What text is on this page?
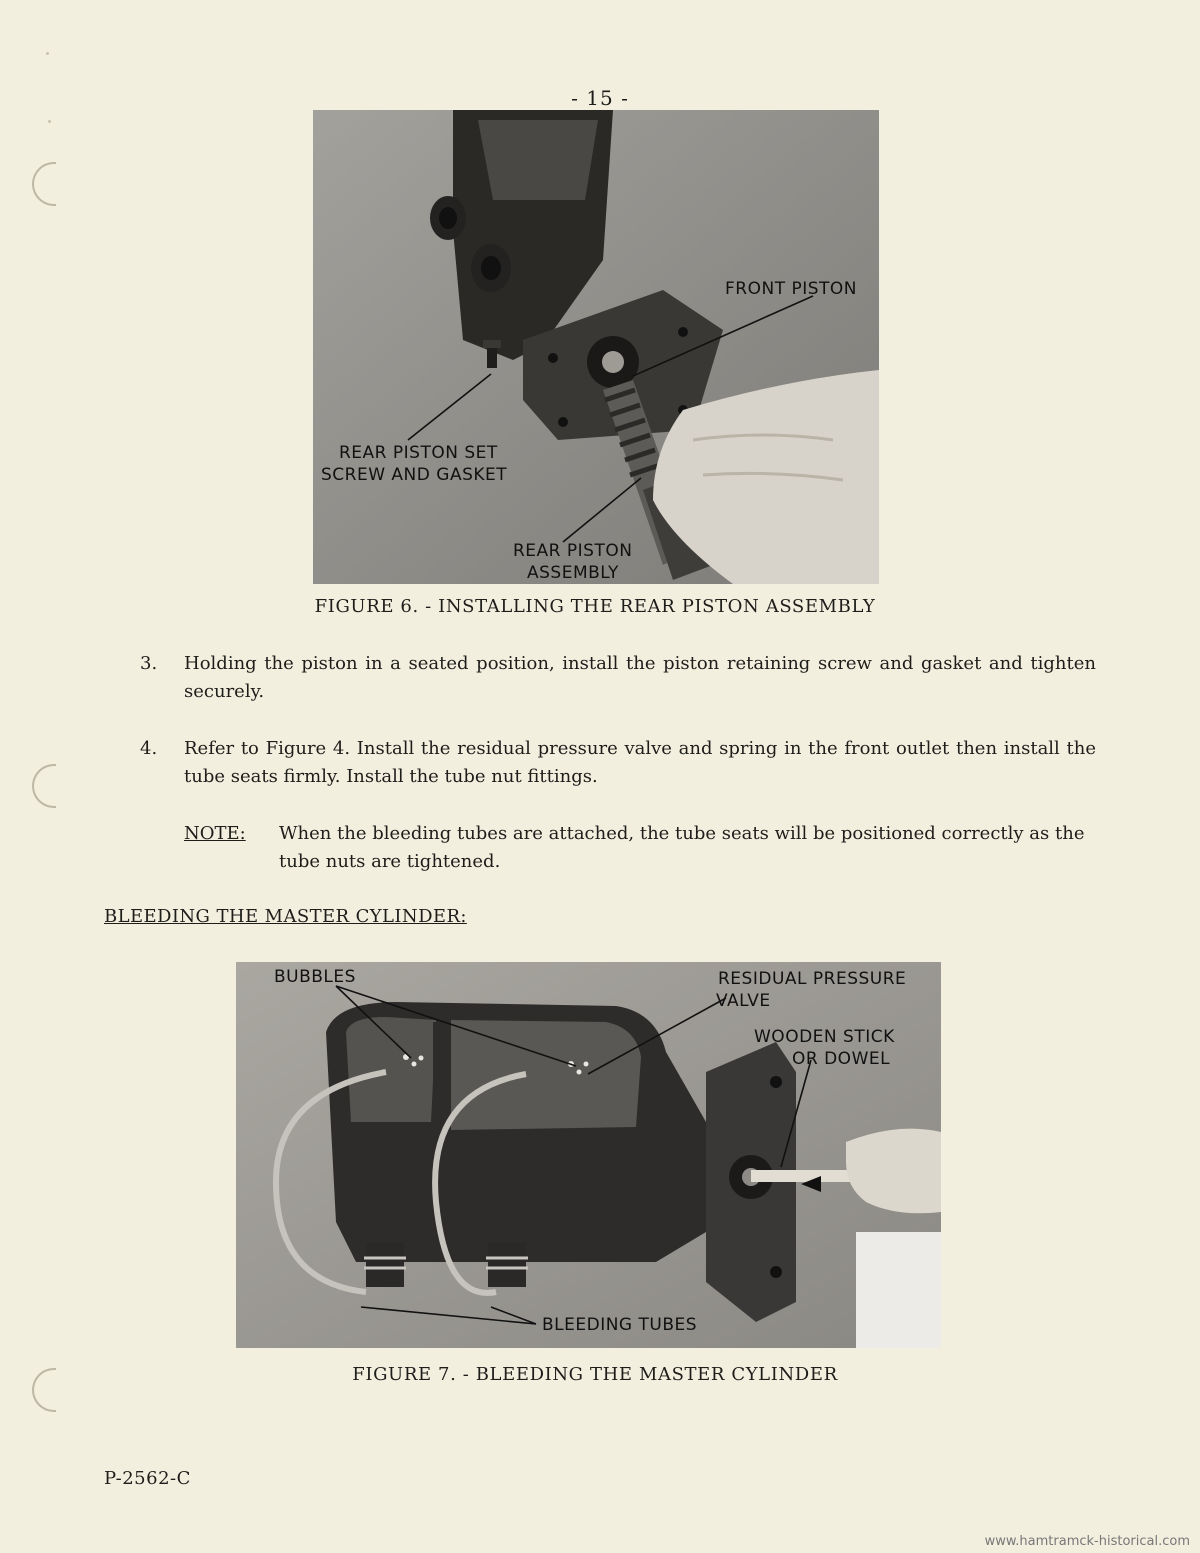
- 15 -
FRONT PISTON
REAR PISTON SET
SCREW AND GASKET
REAR PISTON
ASSEMBLY
FIGURE 6. - INSTALLING THE REAR PISTON ASSEMBLY
3.	Holding the piston in a seated position, install the piston retaining screw and gasket and tighten securely.
4.	Refer to Figure 4. Install the residual pressure valve and spring in the front outlet then install the tube seats firmly. Install the tube nut fittings.
NOTE: When the bleeding tubes are attached, the tube seats will be positioned correctly as the tube nuts are tightened.
BLEEDING THE MASTER CYLINDER:
BUBBLES	RESIDUAL PRESSURE
VALVE
WOODEN STICK
OR DOWEL
BLEEDING TUBES
FIGURE 7. - BLEEDING THE MASTER CYLINDER
P-2562-C
www.hamtramck-historical.com
